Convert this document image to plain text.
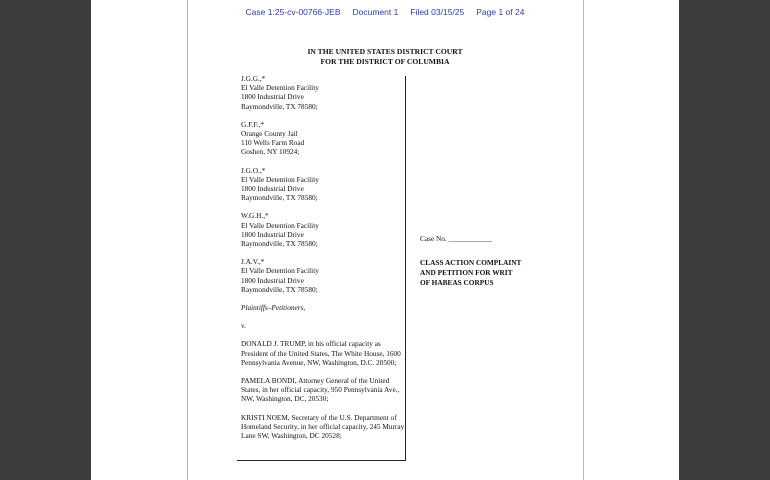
Case 1:25-cv-00766-JEB Document 1 Filed 03/15/25 Page 1 of 24
IN THE UNITED STATES DISTRICT COURT
FOR THE DISTRICT OF COLUMBIA
J.G.G.,*
El Valle Detention Facility
1800 Industrial Drive
Raymondville, TX 78580;
G.F.F.,*
Orange County Jail
110 Wells Farm Road
Goshen, NY 10924;
J.G.O.,*
El Valle Detention Facility
1800 Industrial Drive
Raymondville, TX 78580;
W.G.H.,*
El Valle Detention Facility
1800 Industrial Drive
Raymondville, TX 78580;
J.A.V.,*
El Valle Detention Facility
1800 Industrial Drive
Raymondville, TX 78580;
Plaintiffs–Petitioners,
v.
DONALD J. TRUMP, in his official capacity as President of the United States, The White House, 1600 Pennsylvania Avenue, NW, Washington, D.C. 20500;
PAMELA BONDI, Attorney General of the United States, in her official capacity, 950 Pennsylvania Ave., NW, Washington, DC, 20530;
KRISTI NOEM, Secretary of the U.S. Department of Homeland Security, in her official capacity, 245 Murray Lane SW, Washington, DC 20528;
Case No. ____________
CLASS ACTION COMPLAINT
AND PETITION FOR WRIT
OF HABEAS CORPUS
